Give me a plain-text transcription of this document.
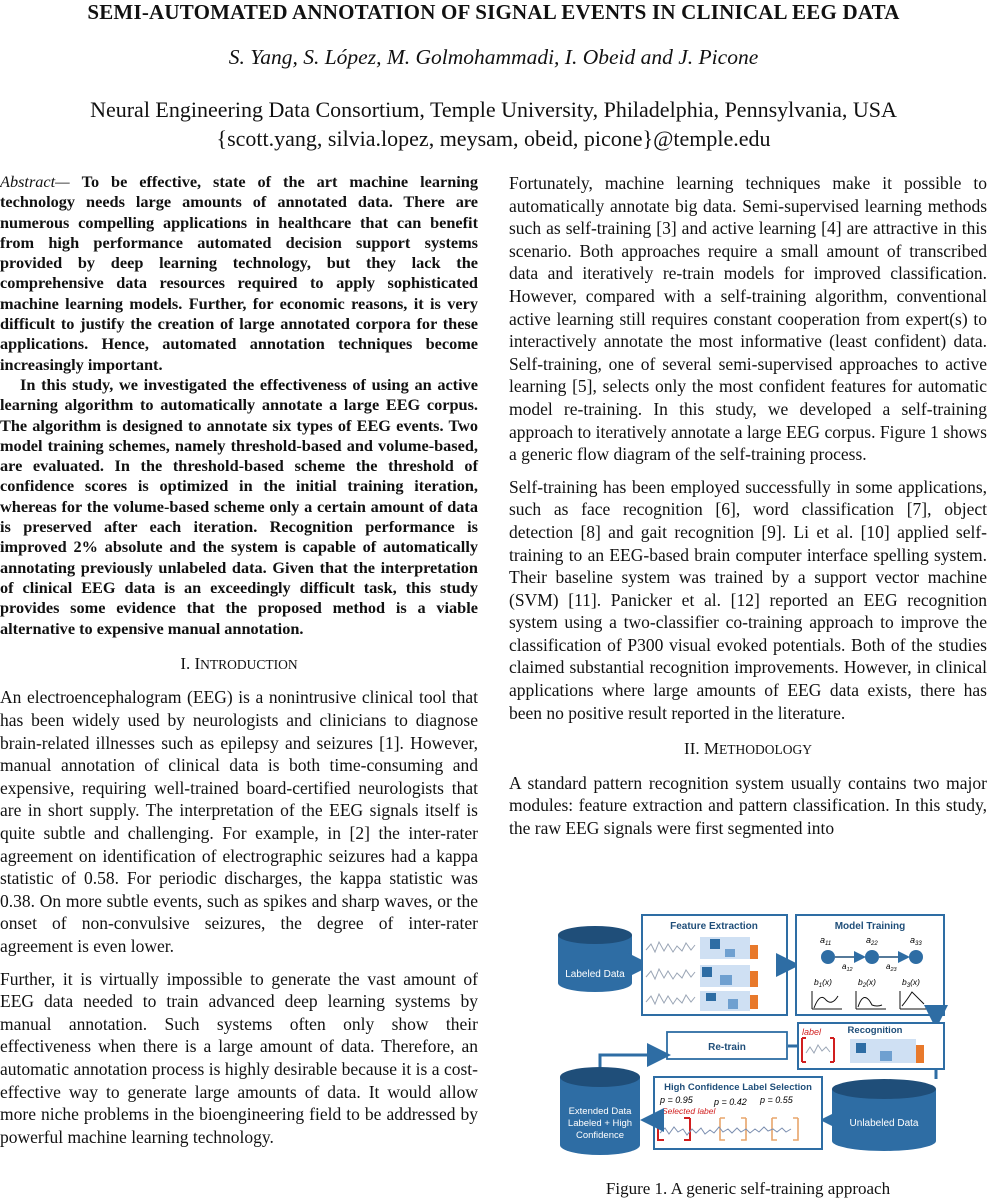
SEMI-AUTOMATED ANNOTATION OF SIGNAL EVENTS IN CLINICAL EEG DATA
S. Yang, S. López, M. Golmohammadi, I. Obeid and J. Picone
Neural Engineering Data Consortium, Temple University, Philadelphia, Pennsylvania, USA
{scott.yang, silvia.lopez, meysam, obeid, picone}@temple.edu

Abstract— To be effective, state of the art machine learning technology needs large amounts of annotated data. There are numerous compelling applications in healthcare that can benefit from high performance automated decision support systems provided by deep learning technology, but they lack the comprehensive data resources required to apply sophisticated machine learning models. Further, for economic reasons, it is very difficult to justify the creation of large annotated corpora for these applications. Hence, automated annotation techniques become increasingly important.

In this study, we investigated the effectiveness of using an active learning algorithm to automatically annotate a large EEG corpus. The algorithm is designed to annotate six types of EEG events. Two model training schemes, namely threshold-based and volume-based, are evaluated. In the threshold-based scheme the threshold of confidence scores is optimized in the initial training iteration, whereas for the volume-based scheme only a certain amount of data is preserved after each iteration. Recognition performance is improved 2% absolute and the system is capable of automatically annotating previously unlabeled data. Given that the interpretation of clinical EEG data is an exceedingly difficult task, this study provides some evidence that the proposed method is a viable alternative to expensive manual annotation.

I. INTRODUCTION

An electroencephalogram (EEG) is a nonintrusive clinical tool that has been widely used by neurologists and clinicians to diagnose brain-related illnesses such as epilepsy and seizures [1]. However, manual annotation of clinical data is both time-consuming and expensive, requiring well-trained board-certified neurologists that are in short supply. The interpretation of the EEG signals itself is quite subtle and challenging. For example, in [2] the inter-rater agreement on identification of electrographic seizures had a kappa statistic of 0.58. For periodic discharges, the kappa statistic was 0.38. On more subtle events, such as spikes and sharp waves, or the onset of non-convulsive seizures, the degree of inter-rater agreement is even lower.

Further, it is virtually impossible to generate the vast amount of EEG data needed to train advanced deep learning systems by manual annotation. Such systems often only show their effectiveness when there is a large amount of data. Therefore, an automatic annotation process is highly desirable because it is a cost-effective way to generate large amounts of data. It would allow more niche problems in the bioengineering field to be addressed by powerful machine learning technology.

Fortunately, machine learning techniques make it possible to automatically annotate big data. Semi-supervised learning methods such as self-training [3] and active learning [4] are attractive in this scenario. Both approaches require a small amount of transcribed data and iteratively re-train models for improved classification. However, compared with a self-training algorithm, conventional active learning still requires constant cooperation from expert(s) to interactively annotate the most informative (least confident) data. Self-training, one of several semi-supervised approaches to active learning [5], selects only the most confident features for automatic model re-training. In this study, we developed a self-training approach to iteratively annotate a large EEG corpus. Figure 1 shows a generic flow diagram of the self-training process.

Self-training has been employed successfully in some applications, such as face recognition [6], word classification [7], object detection [8] and gait recognition [9]. Li et al. [10] applied self-training to an EEG-based brain computer interface spelling system. Their baseline system was trained by a support vector machine (SVM) [11]. Panicker et al. [12] reported an EEG recognition system using a two-classifier co-training approach to improve the classification of P300 visual evoked potentials. Both of the studies claimed substantial recognition improvements. However, in clinical applications where large amounts of EEG data exists, there has been no positive result reported in the literature.

II. METHODOLOGY

A standard pattern recognition system usually contains two major modules: feature extraction and pattern classification. In this study, the raw EEG signals were first segmented into

Labeled Data
Feature Extraction	Model Training
$a_{11}$	$a_{22}$	$a_{33}$
$a_{12}$	$a_{23}$
$b_1(x)$	$b_2(x)$	$b_3(x)$
label	Recognition
Re-train
Unlabeled Data
High Confidence Label Selection
p = 0.95 p = 0.42 p = 0.55
Selected label
Extended Data
Labeled + High
Confidence
Figure 1. A generic self-training approach
